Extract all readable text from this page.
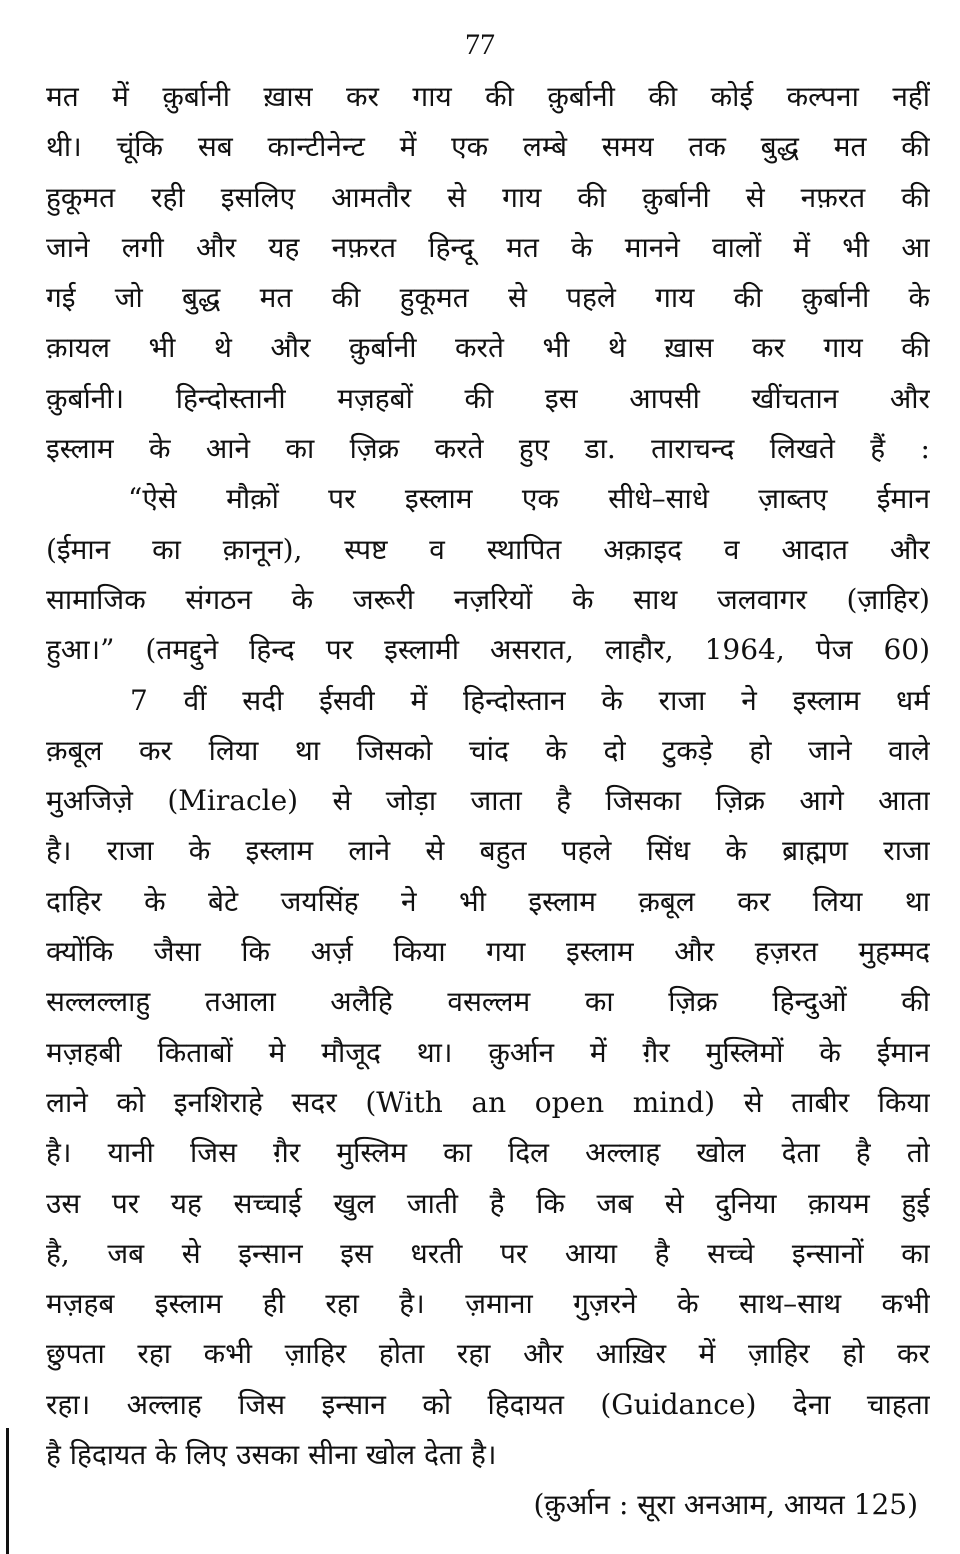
77
मत में क़ुर्बानी ख़ास कर गाय की क़ुर्बानी की कोई कल्पना नहीं
थी। चूंकि सब कान्टीनेन्ट में एक लम्बे समय तक बुद्ध मत की
हुकूमत रही इसलिए आमतौर से गाय की क़ुर्बानी से नफ़रत की
जाने लगी और यह नफ़रत हिन्दू मत के मानने वालों में भी आ
गई जो बुद्ध मत की हुकूमत से पहले गाय की क़ुर्बानी के
क़ायल भी थे और क़ुर्बानी करते भी थे ख़ास कर गाय की
क़ुर्बानी। हिन्दोस्तानी मज़हबों की इस आपसी खींचतान और
इस्लाम के आने का ज़िक्र करते हुए डा. ताराचन्द लिखते हैं :
“ऐसे मौक़ों पर इस्लाम एक सीधे–साधे ज़ाब्तए ईमान
(ईमान का क़ानून), स्पष्ट व स्थापित अक़ाइद व आदात और
सामाजिक संगठन के जरूरी नज़रियों के साथ जलवागर (ज़ाहिर)
हुआ।” (तमद्दुने हिन्द पर इस्लामी असरात, लाहौर, 1964, पेज 60)
7 वीं सदी ईसवी में हिन्दोस्तान के राजा ने इस्लाम धर्म
क़बूल कर लिया था जिसको चांद के दो टुकड़े हो जाने वाले
मुअजिज़े (Miracle) से जोड़ा जाता है जिसका ज़िक्र आगे आता
है। राजा के इस्लाम लाने से बहुत पहले सिंध के ब्राह्मण राजा
दाहिर के बेटे जयसिंह ने भी इस्लाम क़बूल कर लिया था
क्योंकि जैसा कि अर्ज़ किया गया इस्लाम और हज़रत मुहम्मद
सल्लल्लाहु तआला अलैहि वसल्लम का ज़िक्र हिन्दुओं की
मज़हबी किताबों मे मौजूद था। क़ुर्आन में ग़ैर मुस्लिमों के ईमान
लाने को इनशिराहे सदर (With an open mind) से ताबीर किया
है। यानी जिस ग़ैर मुस्लिम का दिल अल्लाह खोल देता है तो
उस पर यह सच्चाई खुल जाती है कि जब से दुनिया क़ायम हुई
है, जब से इन्सान इस धरती पर आया है सच्चे इन्सानों का
मज़हब इस्लाम ही रहा है। ज़माना गुज़रने के साथ–साथ कभी
छुपता रहा कभी ज़ाहिर होता रहा और आख़िर में ज़ाहिर हो कर
रहा। अल्लाह जिस इन्सान को हिदायत (Guidance) देना चाहता
है हिदायत के लिए उसका सीना खोल देता है।
(क़ुर्आन : सूरा अनआम, आयत 125)
